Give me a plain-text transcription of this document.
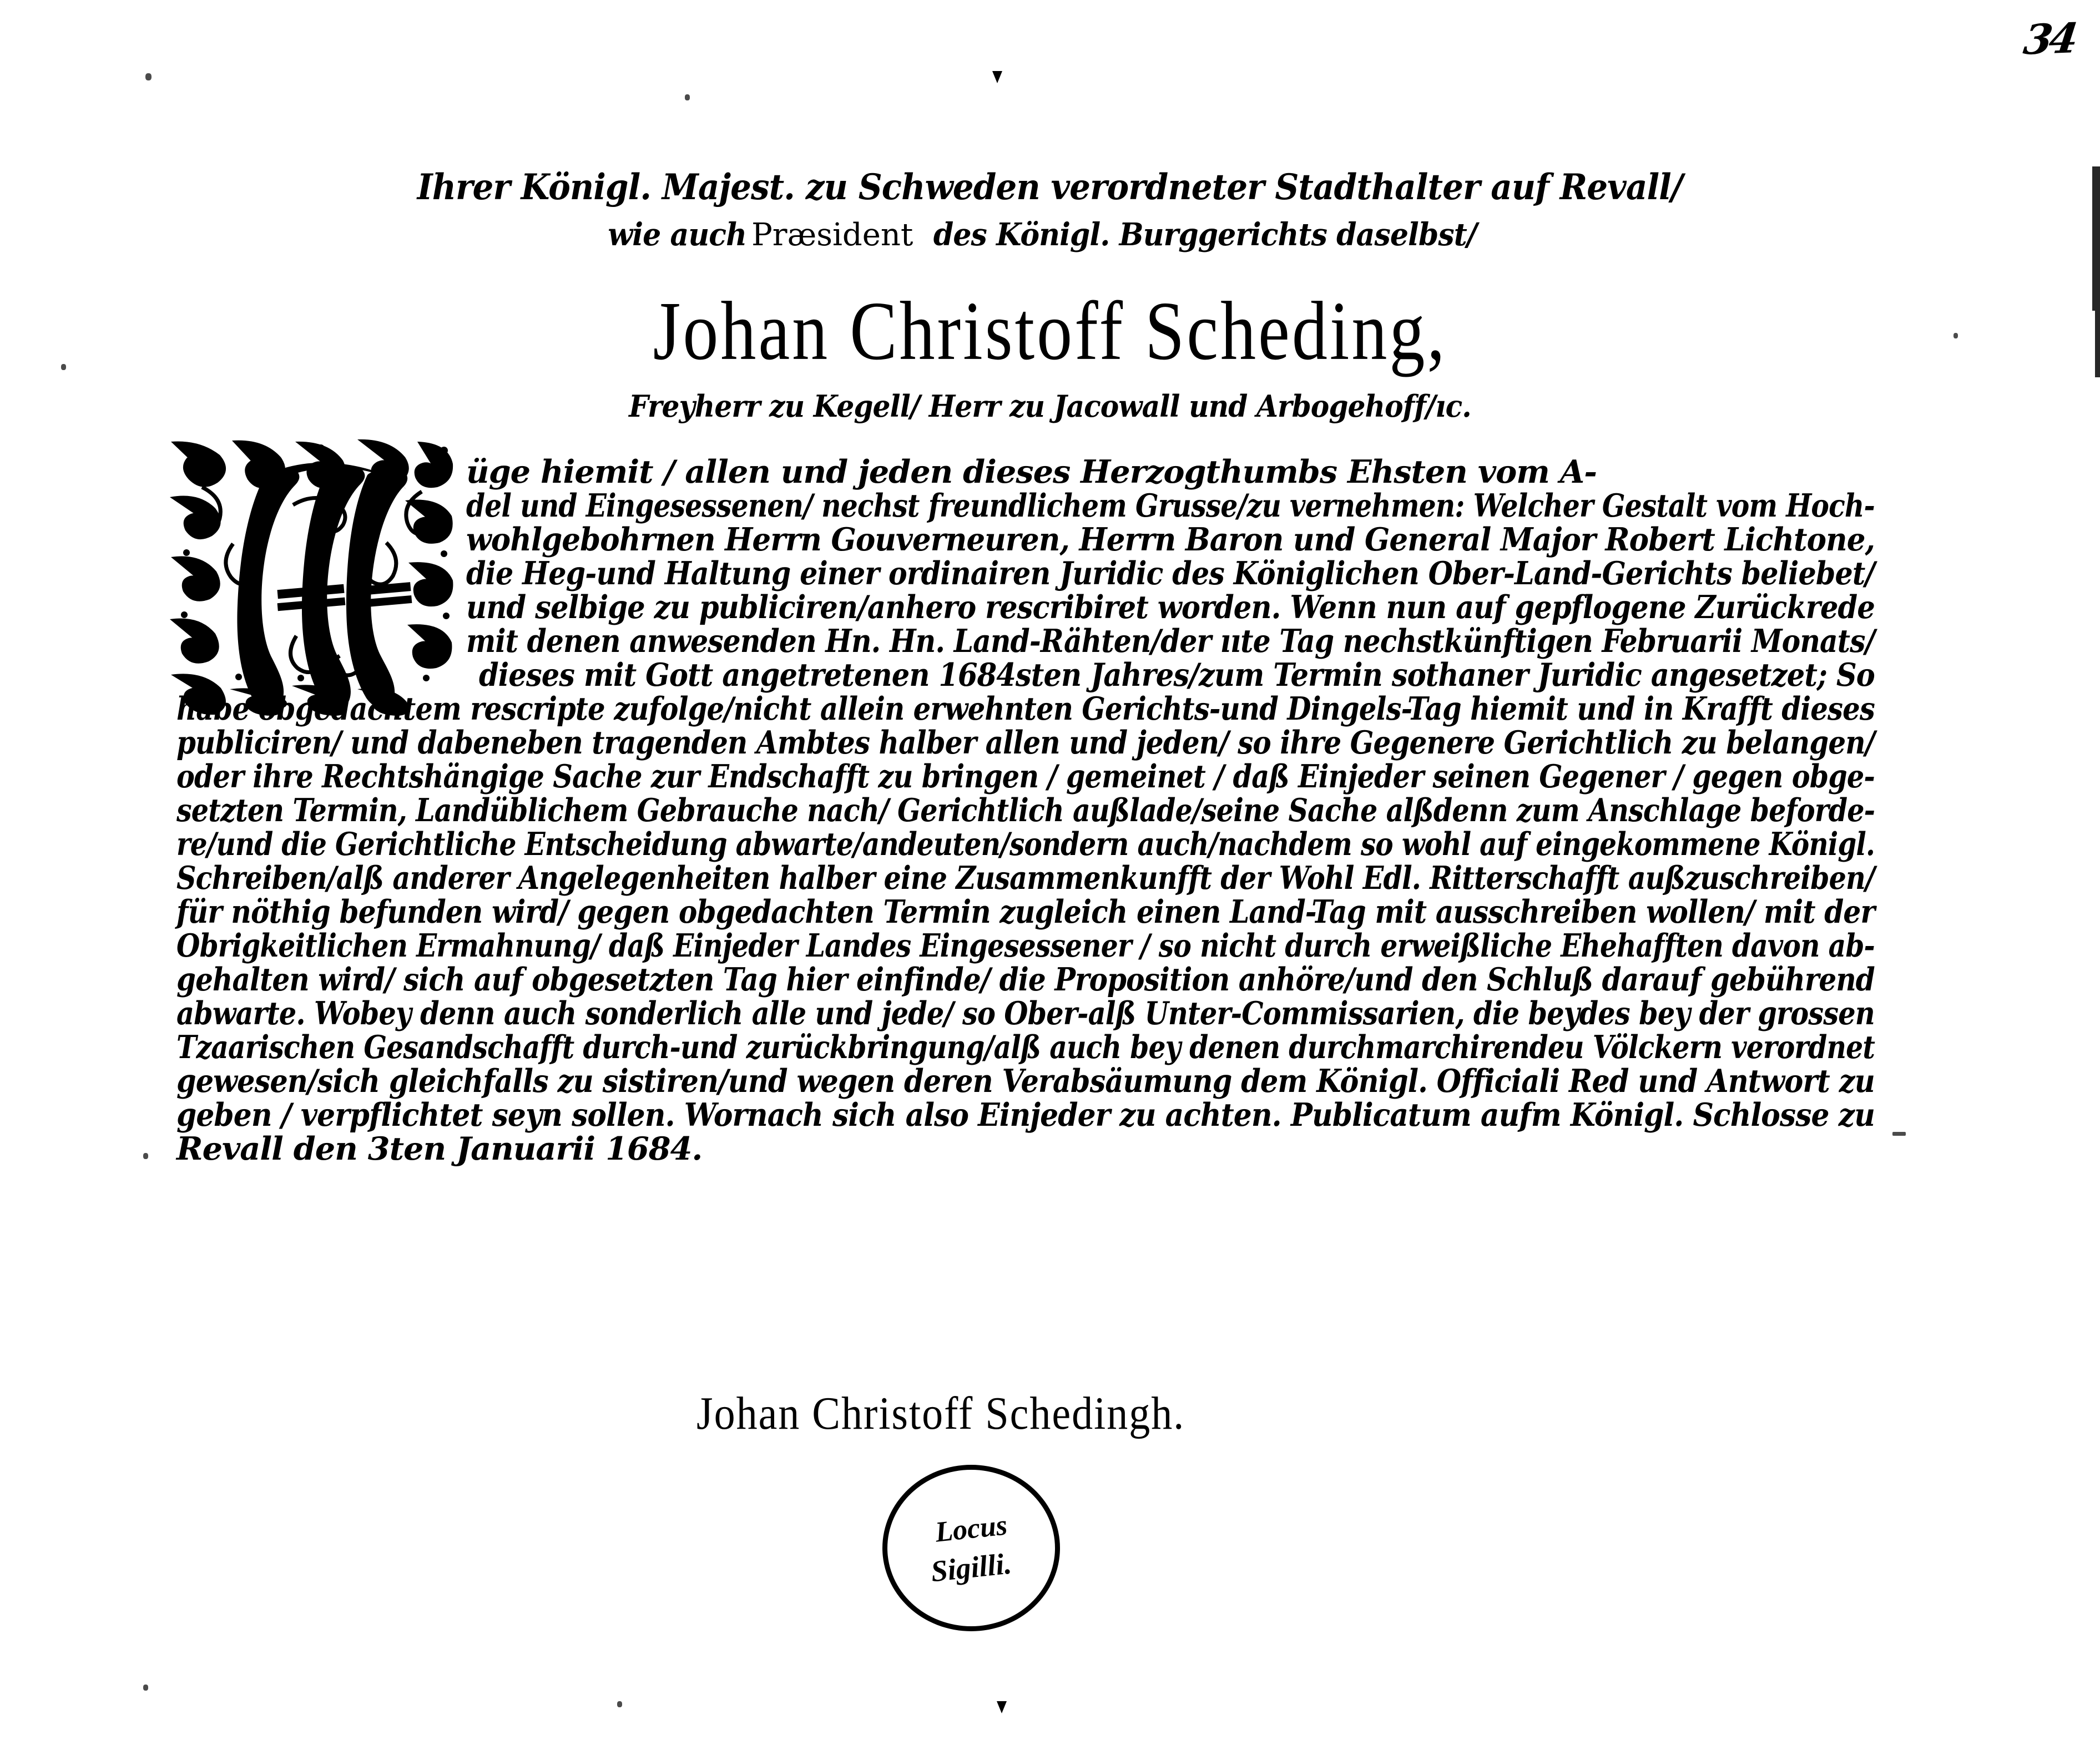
34
Ihrer Königl. Majest. zu Schweden verordneter Stadthalter auf Revall/
wie auchPræsidentdes Königl. Burggerichts daselbst/
Johan Christoff Scheding,
Freyherr zu Kegell/ Herr zu Jacowall und Arbogehoff/ıc.
üge hiemit / allen und jeden dieses Herzogthumbs Ehsten vom A-
del und Eingesessenen/ nechst freundlichem Grusse/zu vernehmen: Welcher Gestalt vom Hoch-
wohlgebohrnen Herrn Gouverneuren, Herrn Baron und General Major Robert Lichtone,
die Heg-und Haltung einer ordinairen Juridic des Königlichen Ober-Land-Gerichts beliebet/
und selbige zu publiciren/anhero rescribiret worden. Wenn nun auf gepflogene Zurückrede
mit denen anwesenden Hn. Hn. Land-Rähten/der ııte Tag nechstkünftigen Februarii Monats/
dieses mit Gott angetretenen 1684sten Jahres/zum Termin sothaner Juridic angesetzet; So
habe obgedachtem rescripte zufolge/nicht allein erwehnten Gerichts-und Dingels-Tag hiemit und in Krafft dieses
publiciren/ und dabeneben tragenden Ambtes halber allen und jeden/ so ihre Gegenere Gerichtlich zu belangen/
oder ihre Rechtshängige Sache zur Endschafft zu bringen / gemeinet / daß Einjeder seinen Gegener / gegen obge-
setzten Termin, Landüblichem Gebrauche nach/ Gerichtlich außlade/seine Sache alßdenn zum Anschlage beforde-
re/und die Gerichtliche Entscheidung abwarte/andeuten/sondern auch/nachdem so wohl auf eingekommene Königl.
Schreiben/alß anderer Angelegenheiten halber eine Zusammenkunfft der Wohl Edl. Ritterschafft außzuschreiben/
für nöthig befunden wird/ gegen obgedachten Termin zugleich einen Land-Tag mit ausschreiben wollen/ mit der
Obrigkeitlichen Ermahnung/ daß Einjeder Landes Eingesessener / so nicht durch erweißliche Ehehafften davon ab-
gehalten wird/ sich auf obgesetzten Tag hier einfinde/ die Proposition anhöre/und den Schluß darauf gebührend
abwarte. Wobey denn auch sonderlich alle und jede/ so Ober-alß Unter-Commissarien, die beydes bey der grossen
Tzaarischen Gesandschafft durch-und zurückbringung/alß auch bey denen durchmarchirendeu Völckern verordnet
gewesen/sich gleichfalls zu sistiren/und wegen deren Verabsäumung dem Königl. Officiali Red und Antwort zu
geben / verpflichtet seyn sollen. Wornach sich also Einjeder zu achten. Publicatum aufm Königl. Schlosse zu
Revall den 3ten Januarii 1684.
Johan Christoff Schedingh.
Locus
Sigilli.
